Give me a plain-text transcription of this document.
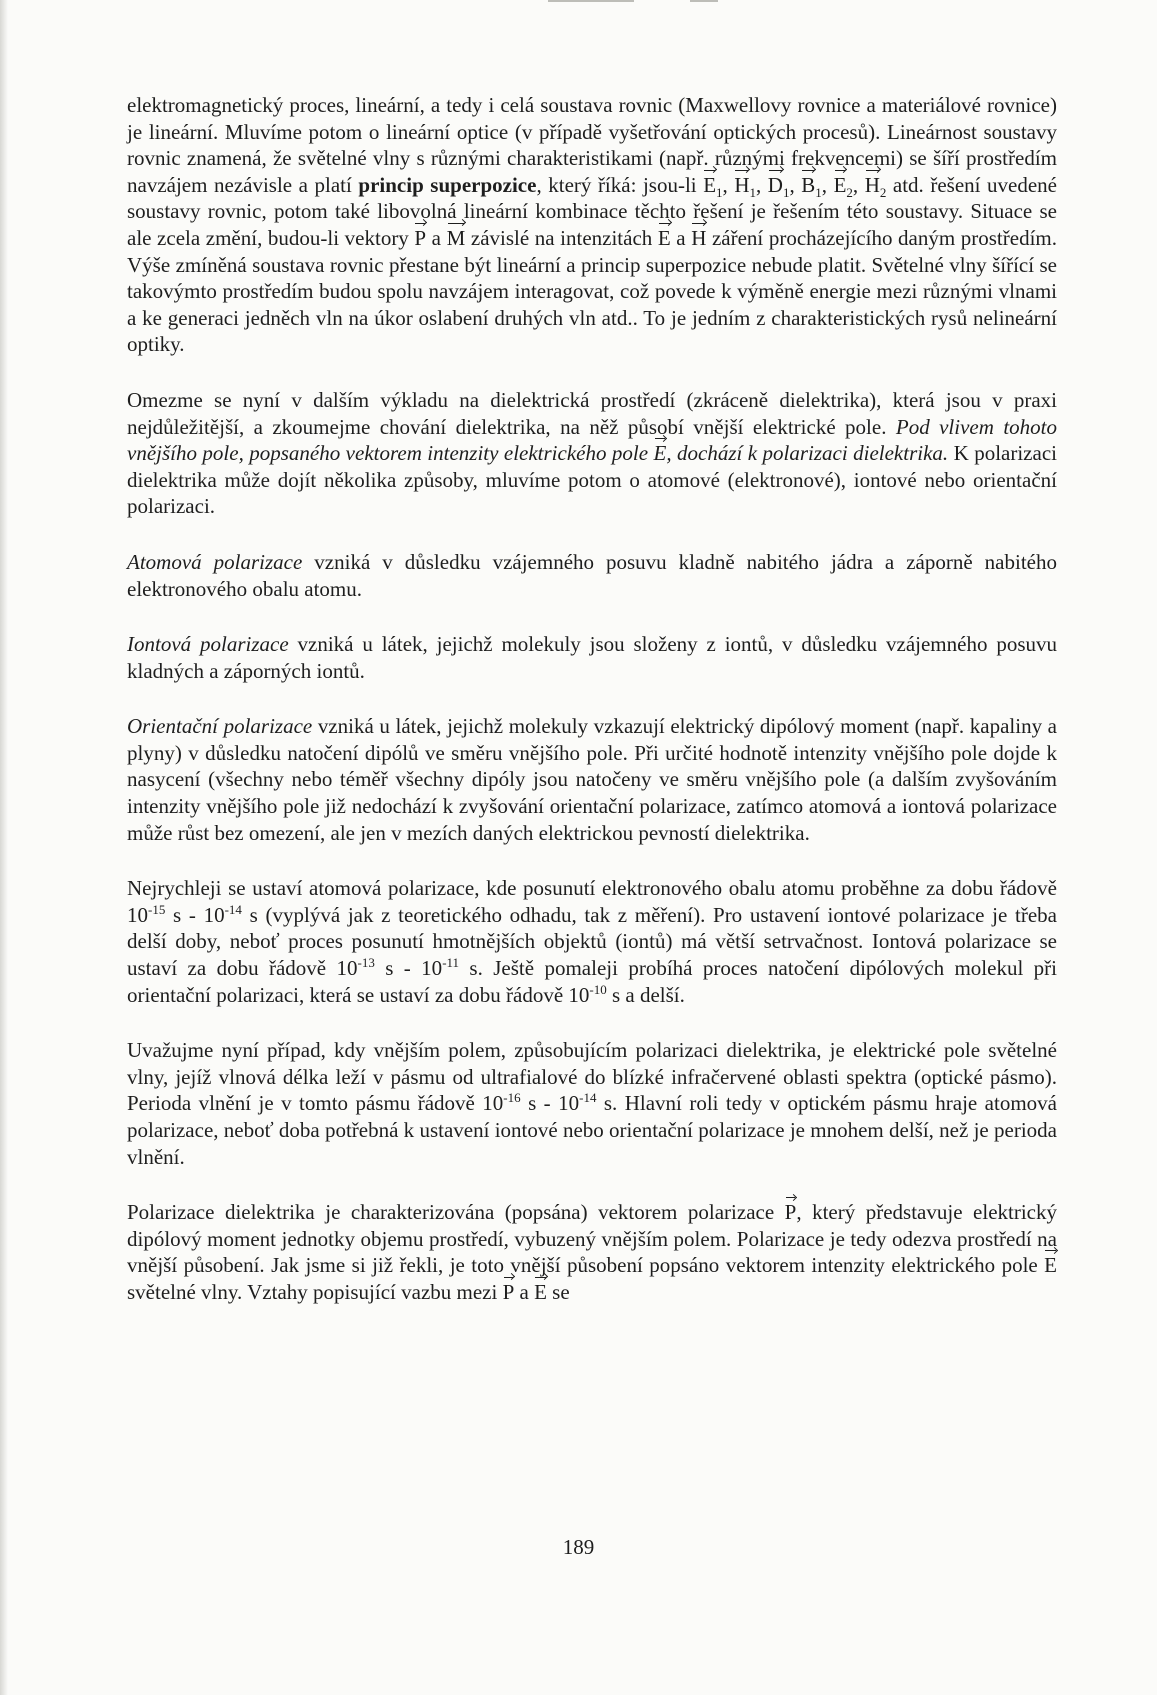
elektromagnetický proces, lineární, a tedy i celá soustava rovnic (Maxwellovy rovnice a materiálové rovnice) je lineární. Mluvíme potom o lineární optice (v případě vyšetřování optických procesů). Lineárnost soustavy rovnic znamená, že světelné vlny s různými charakteristikami (např. různými frekvencemi) se šíří prostředím navzájem nezávisle a platí princip superpozice, který říká: jsou-li $E_1$, $H_1$, $D_1$, $B_1$, $E_2$, $H_2$ atd. řešení uvedené soustavy rovnic, potom také libovolná lineární kombinace těchto řešení je řešením této soustavy. Situace se ale zcela změní, budou-li vektory P a M závislé na intenzitách E a H záření procházejícího daným prostředím. Výše zmíněná soustava rovnic přestane být lineární a princip superpozice nebude platit. Světelné vlny šířící se takovýmto prostředím budou spolu navzájem interagovat, což povede k výměně energie mezi různými vlnami a ke generaci jedněch vln na úkor oslabení druhých vln atd.. To je jedním z charakteristických rysů nelineární optiky.

Omezme se nyní v dalším výkladu na dielektrická prostředí (zkráceně dielektrika), která jsou v praxi nejdůležitější, a zkoumejme chování dielektrika, na něž působí vnější elektrické pole. Pod vlivem tohoto vnějšího pole, popsaného vektorem intenzity elektrického pole E, dochází k polarizaci dielektrika. K polarizaci dielektrika může dojít několika způsoby, mluvíme potom o atomové (elektronové), iontové nebo orientační polarizaci.

Atomová polarizace vzniká v důsledku vzájemného posuvu kladně nabitého jádra a záporně nabitého elektronového obalu atomu.

Iontová polarizace vzniká u látek, jejichž molekuly jsou složeny z iontů, v důsledku vzájemného posuvu kladných a záporných iontů.

Orientační polarizace vzniká u látek, jejichž molekuly vzkazují elektrický dipólový moment (např. kapaliny a plyny) v důsledku natočení dipólů ve směru vnějšího pole. Při určité hodnotě intenzity vnějšího pole dojde k nasycení (všechny nebo téměř všechny dipóly jsou natočeny ve směru vnějšího pole (a dalším zvyšováním intenzity vnějšího pole již nedochází k zvyšování orientační polarizace, zatímco atomová a iontová polarizace může růst bez omezení, ale jen v mezích daných elektrickou pevností dielektrika.

Nejrychleji se ustaví atomová polarizace, kde posunutí elektronového obalu atomu proběhne za dobu řádově $10^{-15}$ s - $10^{-14}$ s (vyplývá jak z teoretického odhadu, tak z měření). Pro ustavení iontové polarizace je třeba delší doby, neboť proces posunutí hmotnějších objektů (iontů) má větší setrvačnost. Iontová polarizace se ustaví za dobu řádově $10^{-13}$ s - $10^{-11}$ s. Ještě pomaleji probíhá proces natočení dipólových molekul při orientační polarizaci, která se ustaví za dobu řádově $10^{-10}$ s a delší.

Uvažujme nyní případ, kdy vnějším polem, způsobujícím polarizaci dielektrika, je elektrické pole světelné vlny, jejíž vlnová délka leží v pásmu od ultrafialové do blízké infračervené oblasti spektra (optické pásmo). Perioda vlnění je v tomto pásmu řádově $10^{-16}$ s - $10^{-14}$ s. Hlavní roli tedy v optickém pásmu hraje atomová polarizace, neboť doba potřebná k ustavení iontové nebo orientační polarizace je mnohem delší, než je perioda vlnění.

Polarizace dielektrika je charakterizována (popsána) vektorem polarizace P, který představuje elektrický dipólový moment jednotky objemu prostředí, vybuzený vnějším polem. Polarizace je tedy odezva prostředí na vnější působení. Jak jsme si již řekli, je toto vnější působení popsáno vektorem intenzity elektrického pole E světelné vlny. Vztahy popisující vazbu mezi P a E se

189
